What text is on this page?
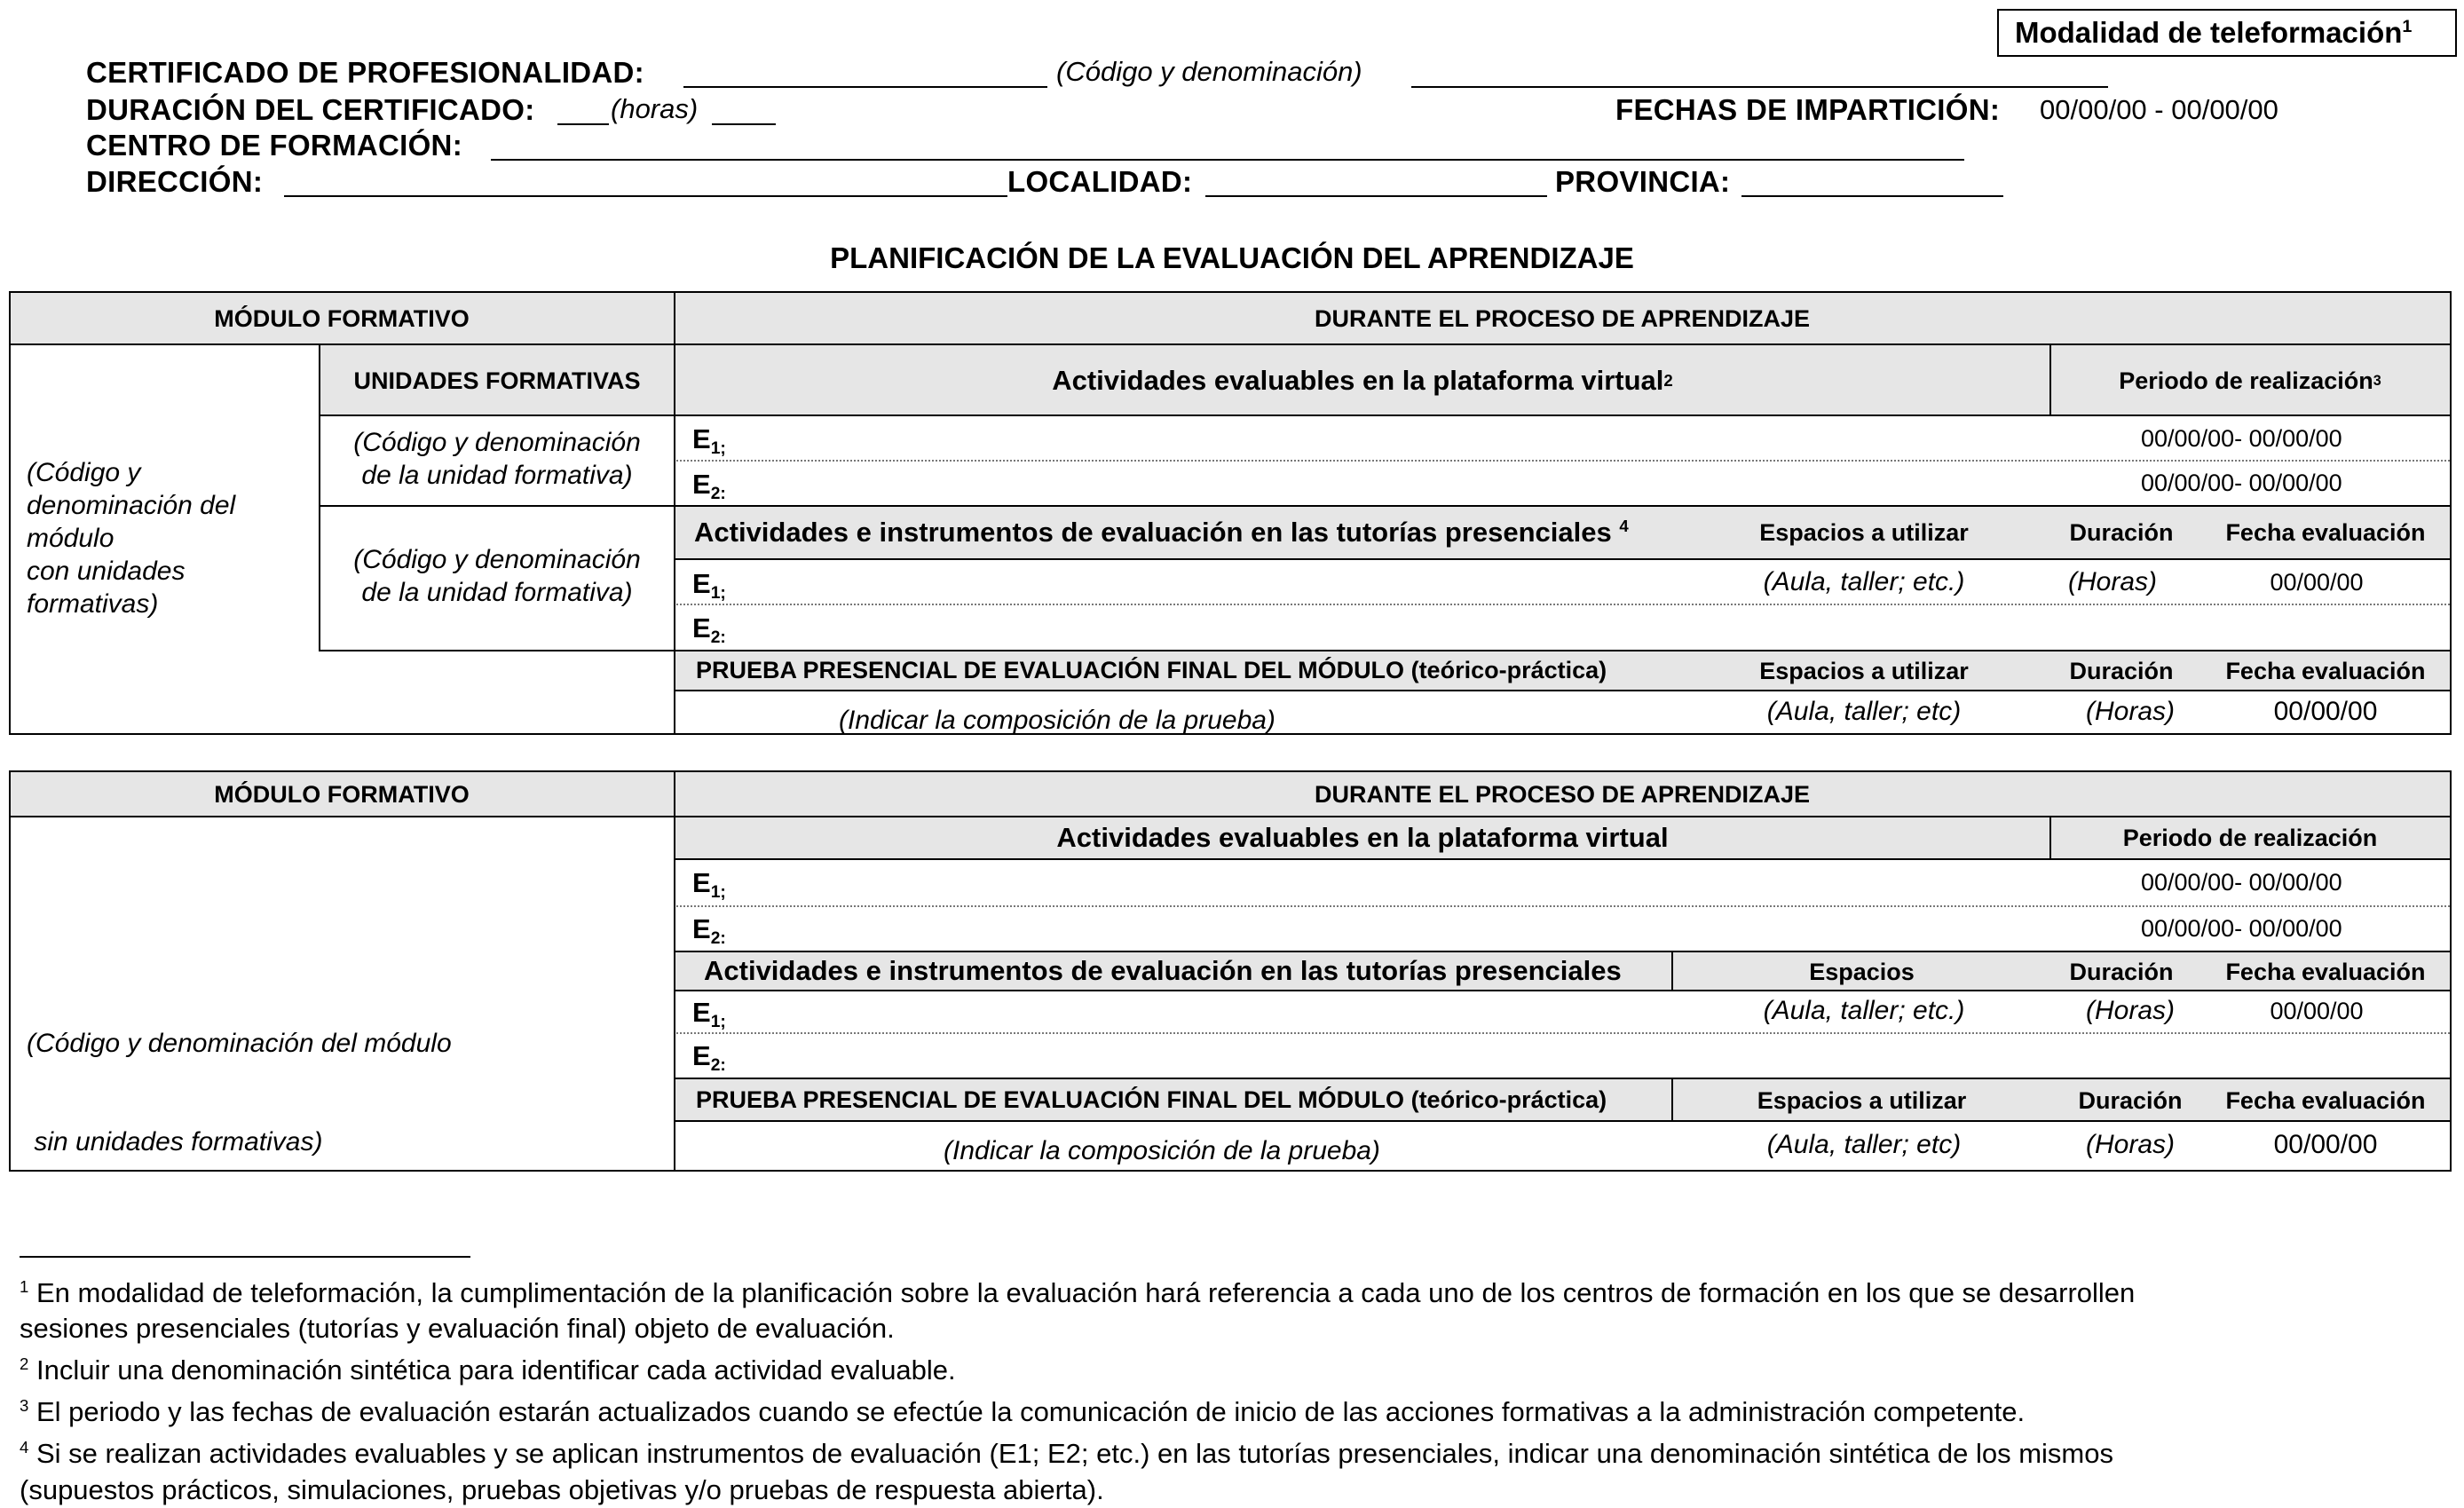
Modalidad de teleformación$^1$
CERTIFICADO DE PROFESIONALIDAD:	(Código y denominación)
DURACIÓN DEL CERTIFICADO:	(horas)	FECHAS DE IMPARTICIÓN: 00/00/00 - 00/00/00
CENTRO DE FORMACIÓN:
DIRECCIÓN:	LOCALIDAD:	PROVINCIA:
PLANIFICACIÓN DE LA EVALUACIÓN DEL APRENDIZAJE
MÓDULO FORMATIVO	DURANTE EL PROCESO DE APRENDIZAJE
UNIDADES FORMATIVAS	Actividades evaluables en la plataforma virtual 2	Periodo de realización 3
(Código y
denominación del
módulo
con unidades
formativas)
(Código y denominación
de la unidad formativa)
(Código y denominación
de la unidad formativa)
$E_{1;}$	00/00/00- 00/00/00
$E_{2:}$	00/00/00- 00/00/00
Actividades e instrumentos de evaluación en las tutorías presenciales $^4$	Espacios a utilizar	Duración	Fecha evaluación
$E_{1;}$	(Aula, taller; etc.)	(Horas)	00/00/00
$E_{2:}$
PRUEBA PRESENCIAL DE EVALUACIÓN FINAL DEL MÓDULO (teórico-práctica)	Espacios a utilizar	Duración	Fecha evaluación
(Indicar la composición de la prueba)	(Aula, taller; etc)	(Horas)	00/00/00
MÓDULO FORMATIVO	DURANTE EL PROCESO DE APRENDIZAJE
Actividades evaluables en la plataforma virtual	Periodo de realización

(Código y denominación del módulo

sin unidades formativas)

$E_{1;}$	00/00/00- 00/00/00
$E_{2:}$	00/00/00- 00/00/00
Actividades e instrumentos de evaluación en las tutorías presenciales	Espacios	Duración	Fecha evaluación
$E_{1;}$	(Aula, taller; etc.)	(Horas)	00/00/00
$E_{2:}$
PRUEBA PRESENCIAL DE EVALUACIÓN FINAL DEL MÓDULO (teórico-práctica)	Espacios a utilizar	Duración	Fecha evaluación
(Indicar la composición de la prueba)	(Aula, taller; etc)	(Horas)	00/00/00
$^1$ En modalidad de teleformación, la cumplimentación de la planificación sobre la evaluación hará referencia a cada uno de los centros de formación en los que se desarrollen
sesiones presenciales (tutorías y evaluación final) objeto de evaluación.
$^2$ Incluir una denominación sintética para identificar cada actividad evaluable.
$^3$ El periodo y las fechas de evaluación estarán actualizados cuando se efectúe la comunicación de inicio de las acciones formativas a la administración competente.
$^4$ Si se realizan actividades evaluables y se aplican instrumentos de evaluación (E1; E2; etc.) en las tutorías presenciales, indicar una denominación sintética de los mismos
(supuestos prácticos, simulaciones, pruebas objetivas y/o pruebas de respuesta abierta).
